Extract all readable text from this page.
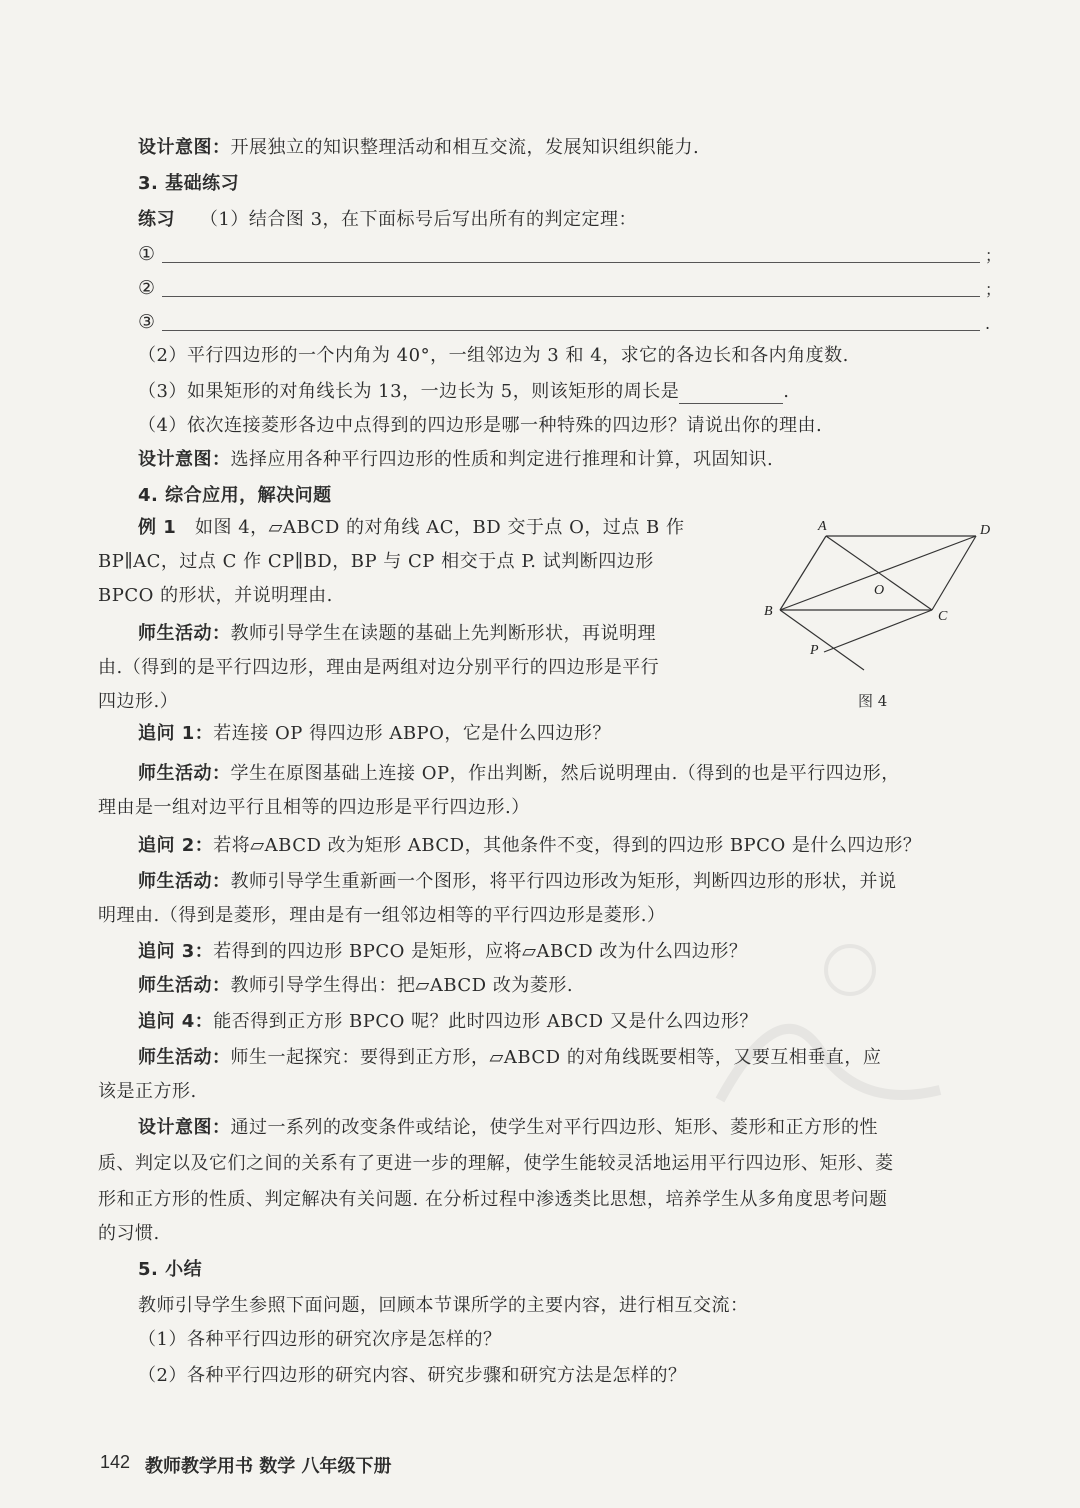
设计意图：开展独立的知识整理活动和相互交流，发展知识组织能力.
3. 基础练习
练习 （1）结合图 3，在下面标号后写出所有的判定定理：
①	；
②	；
③	.
（2）平行四边形的一个内角为 40°，一组邻边为 3 和 4，求它的各边长和各内角度数.
（3）如果矩形的对角线长为 13，一边长为 5，则该矩形的周长是	.
（4）依次连接菱形各边中点得到的四边形是哪一种特殊的四边形？请说出你的理由.
设计意图：选择应用各种平行四边形的性质和判定进行推理和计算，巩固知识.
4. 综合应用，解决问题
例 1 如图 4，▱ABCD 的对角线 AC，BD 交于点 O，过点 B 作
BP∥AC，过点 C 作 CP∥BD，BP 与 CP 相交于点 P. 试判断四边形
BPCO 的形状，并说明理由.
师生活动：教师引导学生在读题的基础上先判断形状，再说明理
由.（得到的是平行四边形，理由是两组对边分别平行的四边形是平行
四边形.）
A	D
O
B	C
P
图 4
追问 1：若连接 OP 得四边形 ABPO，它是什么四边形？
师生活动：学生在原图基础上连接 OP，作出判断，然后说明理由.（得到的也是平行四边形，
理由是一组对边平行且相等的四边形是平行四边形.）
追问 2：若将▱ABCD 改为矩形 ABCD，其他条件不变，得到的四边形 BPCO 是什么四边形？
师生活动：教师引导学生重新画一个图形，将平行四边形改为矩形，判断四边形的形状，并说
明理由.（得到是菱形，理由是有一组邻边相等的平行四边形是菱形.）
追问 3：若得到的四边形 BPCO 是矩形，应将▱ABCD 改为什么四边形？
师生活动：教师引导学生得出：把▱ABCD 改为菱形.
追问 4：能否得到正方形 BPCO 呢？此时四边形 ABCD 又是什么四边形？
师生活动：师生一起探究：要得到正方形，▱ABCD 的对角线既要相等，又要互相垂直，应
该是正方形.
设计意图：通过一系列的改变条件或结论，使学生对平行四边形、矩形、菱形和正方形的性
质、判定以及它们之间的关系有了更进一步的理解，使学生能较灵活地运用平行四边形、矩形、菱
形和正方形的性质、判定解决有关问题. 在分析过程中渗透类比思想，培养学生从多角度思考问题
的习惯.
5. 小结
教师引导学生参照下面问题，回顾本节课所学的主要内容，进行相互交流：
（1）各种平行四边形的研究次序是怎样的？
（2）各种平行四边形的研究内容、研究步骤和研究方法是怎样的？
142 教师教学用书 数学 八年级下册
